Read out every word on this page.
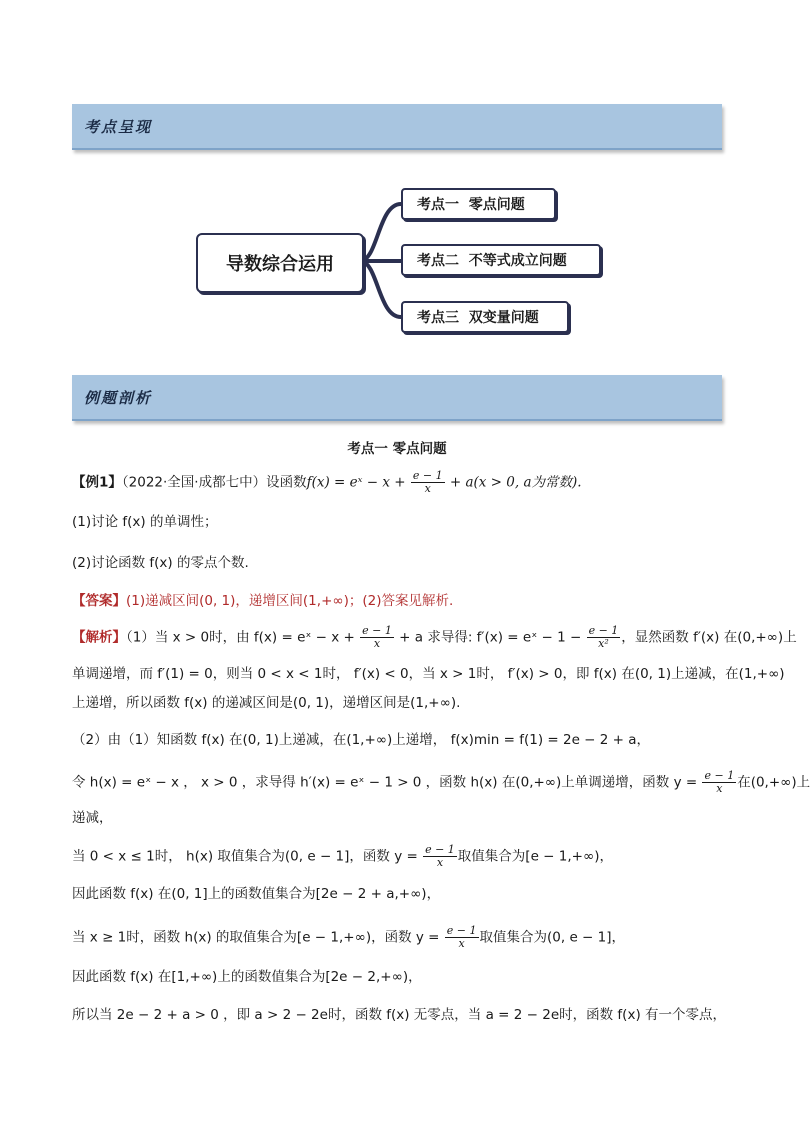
考点呈现
导数综合运用
考点一  零点问题
考点二  不等式成立问题
考点三  双变量问题
例题剖析
考点一 零点问题
【例1】（2022·全国·成都七中）设函数f(x) = eˣ − $x + \frac{e - 1}{x} + a(x > 0$, a为常数).
(1)讨论 f(x) 的单调性；
(2)讨论函数 f(x) 的零点个数.
【答案】(1)递减区间(0, 1)，递增区间(1,+∞)；(2)答案见解析.
【解析】（1）当 x > 0时，由 f(x) = eˣ − $x + \frac{e - 1}{x} + a$ 求导得: f′(x) = eˣ − $1 - \frac{e - 1}{\text{x²}}$ ，显然函数 f′(x) 在(0,+∞)上
单调递增，而 f′(1) = 0，则当 0 < x < 1时， f′(x) < 0，当 x > 1时， f′(x) > 0，即 f(x) 在(0, 1)上递减，在(1,+∞)
上递增，所以函数 f(x) 的递减区间是(0, 1)，递增区间是(1,+∞).
（2）由（1）知函数 f(x) 在(0, 1)上递减，在(1,+∞)上递增， f(x)min = f(1) = 2e − 2 + a，
令 h(x) = eˣ − x ， x > 0 ，求导得 h′(x) = eˣ − 1 > 0 ，函数 h(x) 在(0,+∞)上单调递增，函数 $y = \frac{e - 1}{x}$ 在(0,+∞)上
递减，
当 0 < x ≤ 1时， h(x) 取值集合为(0, e − 1]，函数 $y = \frac{e - 1}{x}$ 取值集合为[e − 1,+∞)，
因此函数 f(x) 在(0, 1]上的函数值集合为[2e − 2 + a,+∞)，
当 x ≥ 1时，函数 h(x) 的取值集合为[e − 1,+∞)，函数 $y = \frac{e - 1}{x}$ 取值集合为(0, e − 1]，
因此函数 f(x) 在[1,+∞)上的函数值集合为[2e − 2,+∞)，
所以当 2e − 2 + a > 0 ，即 a > 2 − 2e时，函数 f(x) 无零点，当 a = 2 − 2e时，函数 f(x) 有一个零点，
